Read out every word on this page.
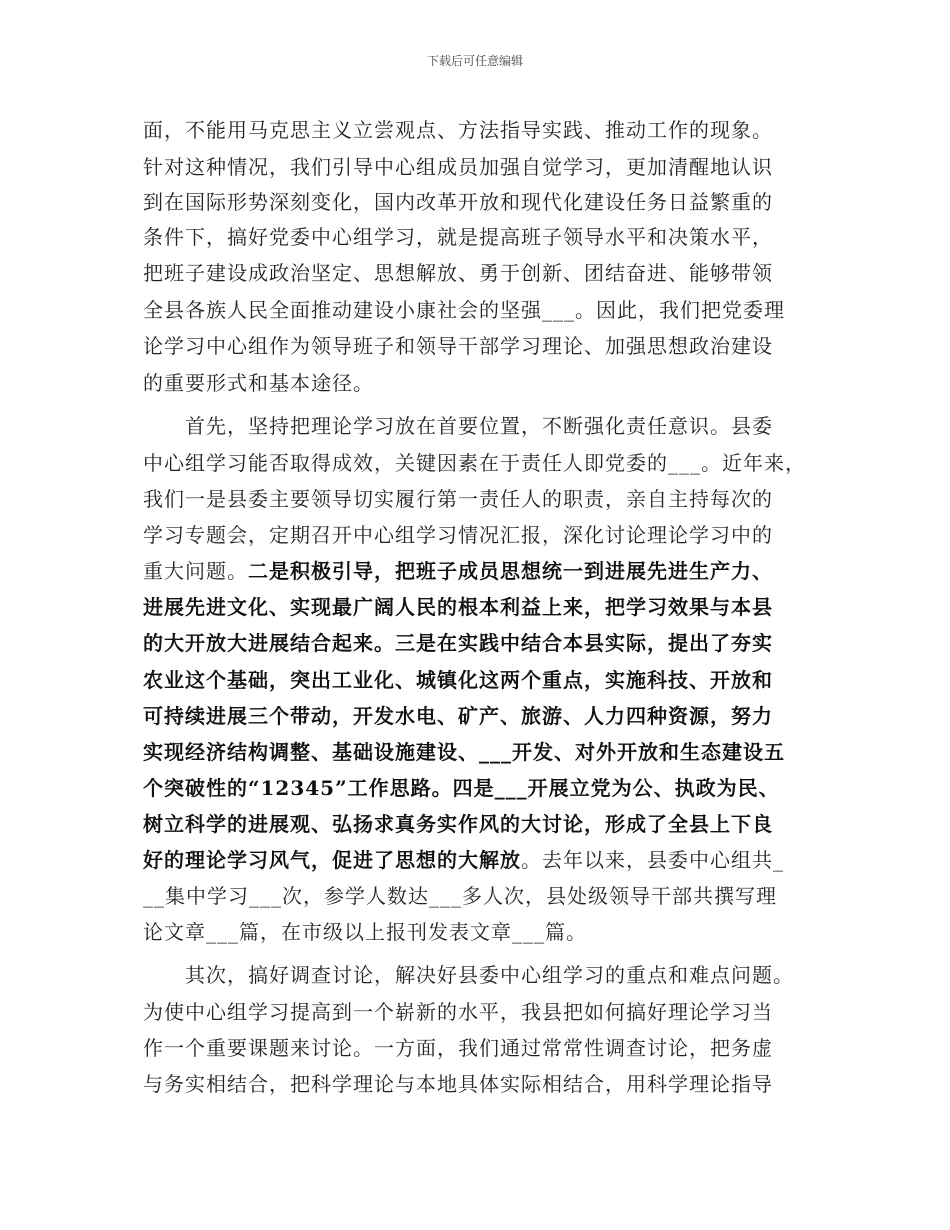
下载后可任意编辑
面，不能用马克思主义立尝观点、方法指导实践、推动工作的现象。
针对这种情况，我们引导中心组成员加强自觉学习，更加清醒地认识
到在国际形势深刻变化，国内改革开放和现代化建设任务日益繁重的
条件下，搞好党委中心组学习，就是提高班子领导水平和决策水平，
把班子建设成政治坚定、思想解放、勇于创新、团结奋进、能够带领
全县各族人民全面推动建设小康社会的坚强___。因此，我们把党委理
论学习中心组作为领导班子和领导干部学习理论、加强思想政治建设
的重要形式和基本途径。
首先，坚持把理论学习放在首要位置，不断强化责任意识。县委
中心组学习能否取得成效，关键因素在于责任人即党委的___。近年来，
我们一是县委主要领导切实履行第一责任人的职责，亲自主持每次的
学习专题会，定期召开中心组学习情况汇报，深化讨论理论学习中的
重大问题。二是积极引导，把班子成员思想统一到进展先进生产力、
进展先进文化、实现最广阔人民的根本利益上来，把学习效果与本县
的大开放大进展结合起来。三是在实践中结合本县实际，提出了夯实
农业这个基础，突出工业化、城镇化这两个重点，实施科技、开放和
可持续进展三个带动，开发水电、矿产、旅游、人力四种资源，努力
实现经济结构调整、基础设施建设、___开发、对外开放和生态建设五
个突破性的“12345”工作思路。四是___开展立党为公、执政为民、
树立科学的进展观、弘扬求真务实作风的大讨论，形成了全县上下良
好的理论学习风气，促进了思想的大解放。去年以来，县委中心组共_
__集中学习___次，参学人数达___多人次，县处级领导干部共撰写理
论文章___篇，在市级以上报刊发表文章___篇。
其次，搞好调查讨论，解决好县委中心组学习的重点和难点问题。
为使中心组学习提高到一个崭新的水平，我县把如何搞好理论学习当
作一个重要课题来讨论。一方面，我们通过常常性调查讨论，把务虚
与务实相结合，把科学理论与本地具体实际相结合，用科学理论指导
